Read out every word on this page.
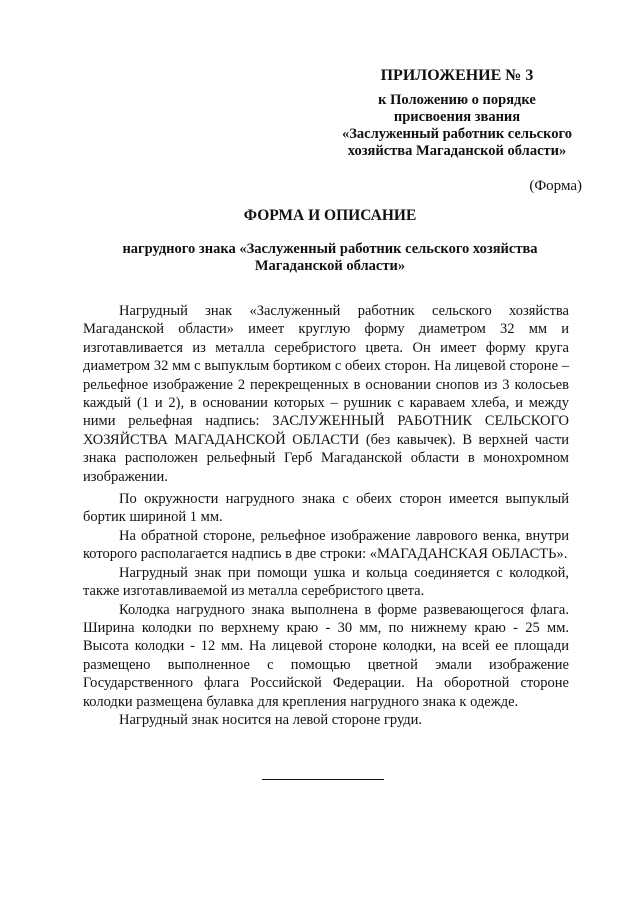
ПРИЛОЖЕНИЕ № 3
к Положению о порядке
присвоения звания
«Заслуженный работник сельского
хозяйства Магаданской области»
(Форма)
ФОРМА И ОПИСАНИЕ
нагрудного знака «Заслуженный работник сельского хозяйства
Магаданской области»

Нагрудный знак «Заслуженный работник сельского хозяйства Магаданской области» имеет круглую форму диаметром 32 мм и изготавливается из металла серебристого цвета. Он имеет форму круга диаметром 32 мм с выпуклым бортиком с обеих сторон. На лицевой стороне – рельефное изображение 2 перекрещенных в основании снопов из 3 колосьев каждый (1 и 2), в основании которых – рушник с караваем хлеба, и между ними рельефная надпись: ЗАСЛУЖЕННЫЙ РАБОТНИК СЕЛЬСКОГО ХОЗЯЙСТВА МАГАДАНСКОЙ ОБЛАСТИ (без кавычек). В верхней части знака расположен рельефный Герб Магаданской области в монохромном изображении.

По окружности нагрудного знака с обеих сторон имеется выпуклый бортик шириной 1 мм.

На обратной стороне, рельефное изображение лаврового венка, внутри которого располагается надпись в две строки: «МАГАДАНСКАЯ ОБЛАСТЬ».

Нагрудный знак при помощи ушка и кольца соединяется с колодкой, также изготавливаемой из металла серебристого цвета.

Колодка нагрудного знака выполнена в форме развевающегося флага. Ширина колодки по верхнему краю - 30 мм, по нижнему краю - 25 мм. Высота колодки - 12 мм. На лицевой стороне колодки, на всей ее площади размещено выполненное с помощью цветной эмали изображение Государственного флага Российской Федерации. На оборотной стороне колодки размещена булавка для крепления нагрудного знака к одежде.

Нагрудный знак носится на левой стороне груди.
